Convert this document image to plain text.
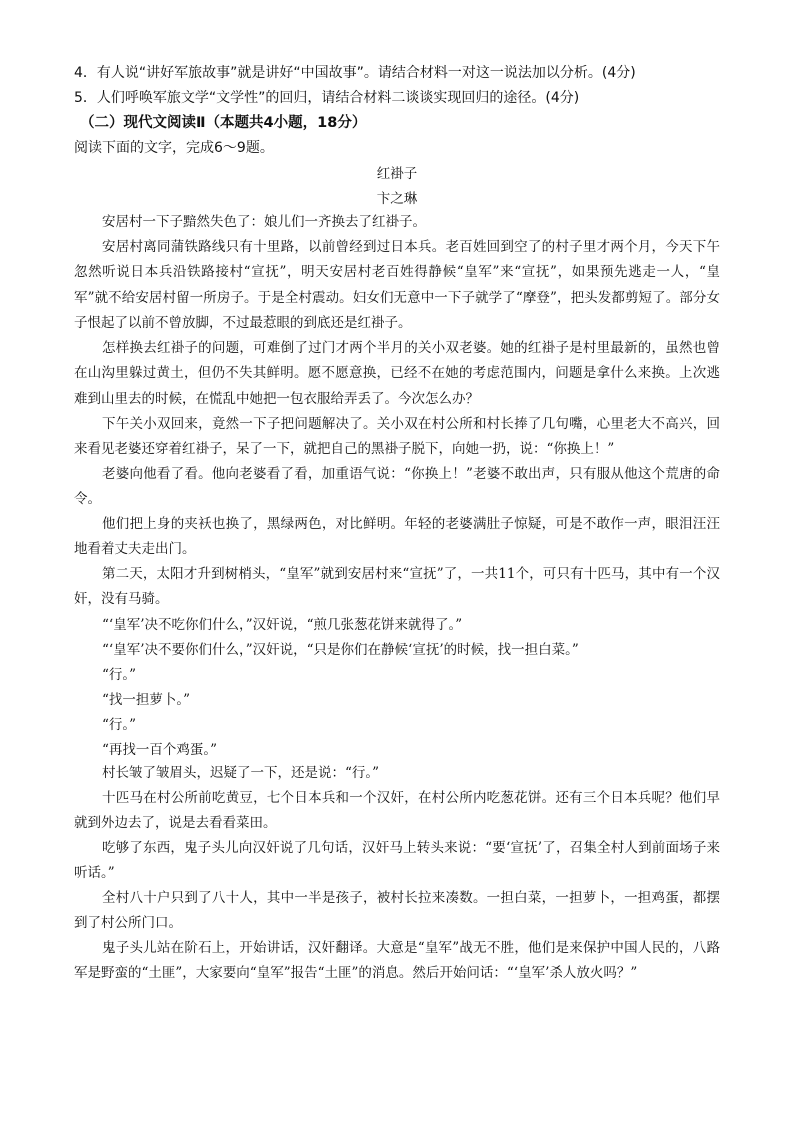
4．有人说“讲好军旅故事”就是讲好“中国故事”。请结合材料一对这一说法加以分析。(4分)
5．人们呼唤军旅文学“文学性”的回归，请结合材料二谈谈实现回归的途径。(4分)
（二）现代文阅读Ⅱ（本题共4小题，18分）
阅读下面的文字，完成6～9题。
红褂子
卞之琳
安居村一下子黯然失色了：娘儿们一齐换去了红褂子。
安居村离同蒲铁路线只有十里路，以前曾经到过日本兵。老百姓回到空了的村子里才两个月，今天下午忽然听说日本兵沿铁路接村“宣抚”，明天安居村老百姓得静候“皇军”来“宣抚”，如果预先逃走一人，“皇军”就不给安居村留一所房子。于是全村震动。妇女们无意中一下子就学了“摩登”，把头发都剪短了。部分女子恨起了以前不曾放脚，不过最惹眼的到底还是红褂子。
怎样换去红褂子的问题，可难倒了过门才两个半月的关小双老婆。她的红褂子是村里最新的，虽然也曾在山沟里躲过黄土，但仍不失其鲜明。愿不愿意换，已经不在她的考虑范围内，问题是拿什么来换。上次逃难到山里去的时候，在慌乱中她把一包衣服给弄丢了。今次怎么办？
下午关小双回来，竟然一下子把问题解决了。关小双在村公所和村长捧了几句嘴，心里老大不高兴，回来看见老婆还穿着红褂子，呆了一下，就把自己的黑褂子脱下，向她一扔，说：“你换上！”
老婆向他看了看。他向老婆看了看，加重语气说：“你换上！”老婆不敢出声，只有服从他这个荒唐的命令。
他们把上身的夹袄也换了，黑绿两色，对比鲜明。年轻的老婆满肚子惊疑，可是不敢作一声，眼泪汪汪地看着丈夫走出门。
第二天，太阳才升到树梢头，“皇军”就到安居村来“宣抚”了，一共11个，可只有十匹马，其中有一个汉奸，没有马骑。
“‘皇军’决不吃你们什么，”汉奸说，“煎几张葱花饼来就得了。”
“‘皇军’决不要你们什么，”汉奸说，“只是你们在静候‘宣抚’的时候，找一担白菜。”
“行。”
“找一担萝卜。”
“行。”
“再找一百个鸡蛋。”
村长皱了皱眉头，迟疑了一下，还是说：“行。”
十匹马在村公所前吃黄豆，七个日本兵和一个汉奸，在村公所内吃葱花饼。还有三个日本兵呢？他们早就到外边去了，说是去看看菜田。
吃够了东西，鬼子头儿向汉奸说了几句话，汉奸马上转头来说：“要‘宣抚’了，召集全村人到前面场子来听话。”
全村八十户只到了八十人，其中一半是孩子，被村长拉来凑数。一担白菜，一担萝卜，一担鸡蛋，都摆到了村公所门口。
鬼子头儿站在阶石上，开始讲话，汉奸翻译。大意是“皇军”战无不胜，他们是来保护中国人民的，八路军是野蛮的“土匪”，大家要向“皇军”报告“土匪”的消息。然后开始问话：“‘皇军’杀人放火吗？”
